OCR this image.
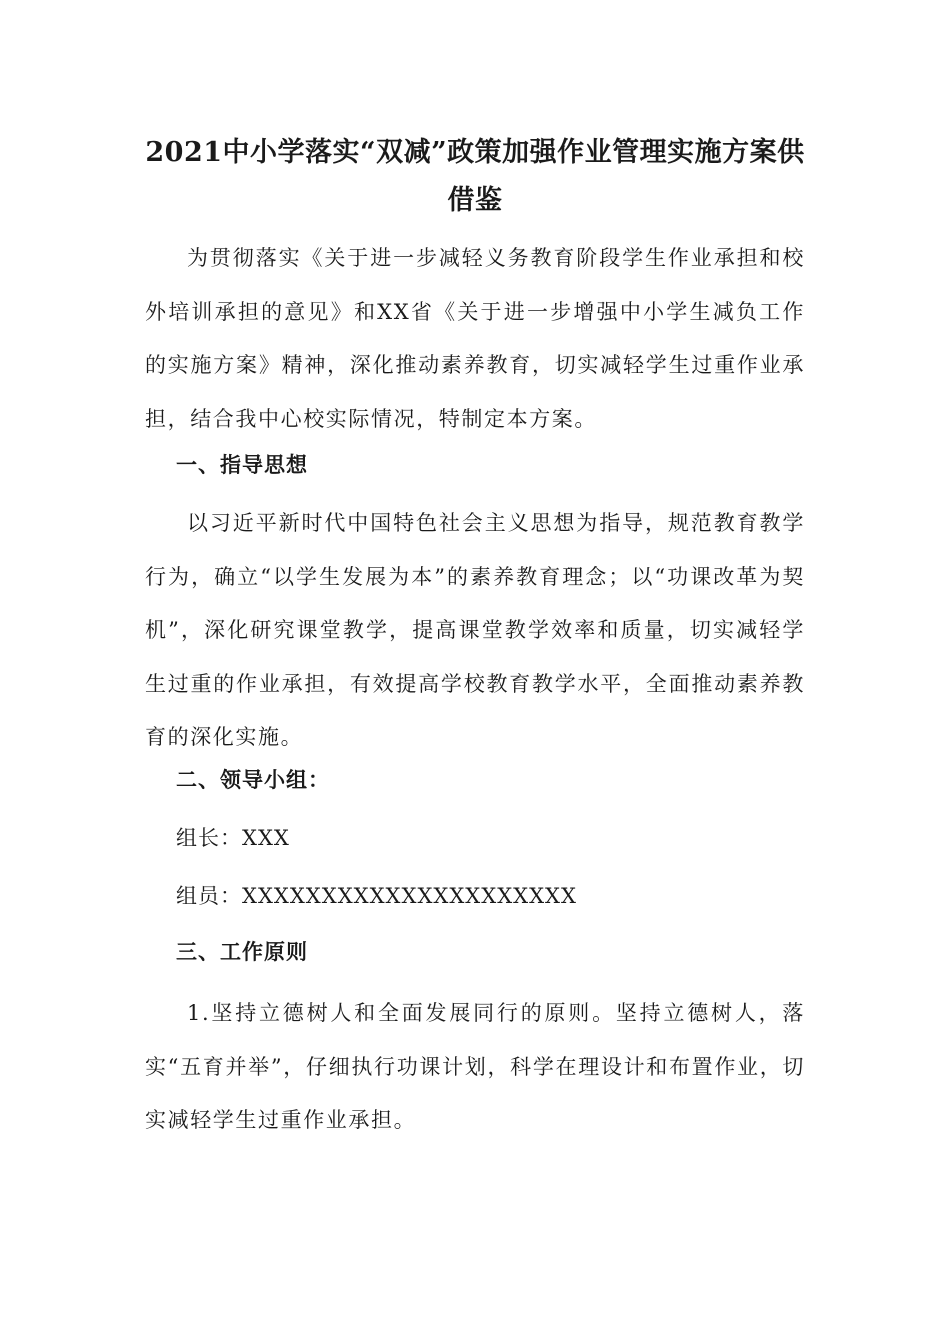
2021中小学落实“双减”政策加强作业管理实施方案供
借鉴

为贯彻落实《关于进一步减轻义务教育阶段学生作业承担和校外培训承担的意见》和XX省《关于进一步增强中小学生减负工作的实施方案》精神，深化推动素养教育，切实减轻学生过重作业承担，结合我中心校实际情况，特制定本方案。

一、指导思想

以习近平新时代中国特色社会主义思想为指导，规范教育教学行为，确立“以学生发展为本”的素养教育理念；以“功课改革为契机”，深化研究课堂教学，提高课堂教学效率和质量，切实减轻学生过重的作业承担，有效提高学校教育教学水平，全面推动素养教育的深化实施。

二、领导小组：

组长：XXX

组员：XXXXXXXXXXXXXXXXXXXXX

三、工作原则

1.坚持立德树人和全面发展同行的原则。坚持立德树人，落实“五育并举”，仔细执行功课计划，科学在理设计和布置作业，切实减轻学生过重作业承担。
